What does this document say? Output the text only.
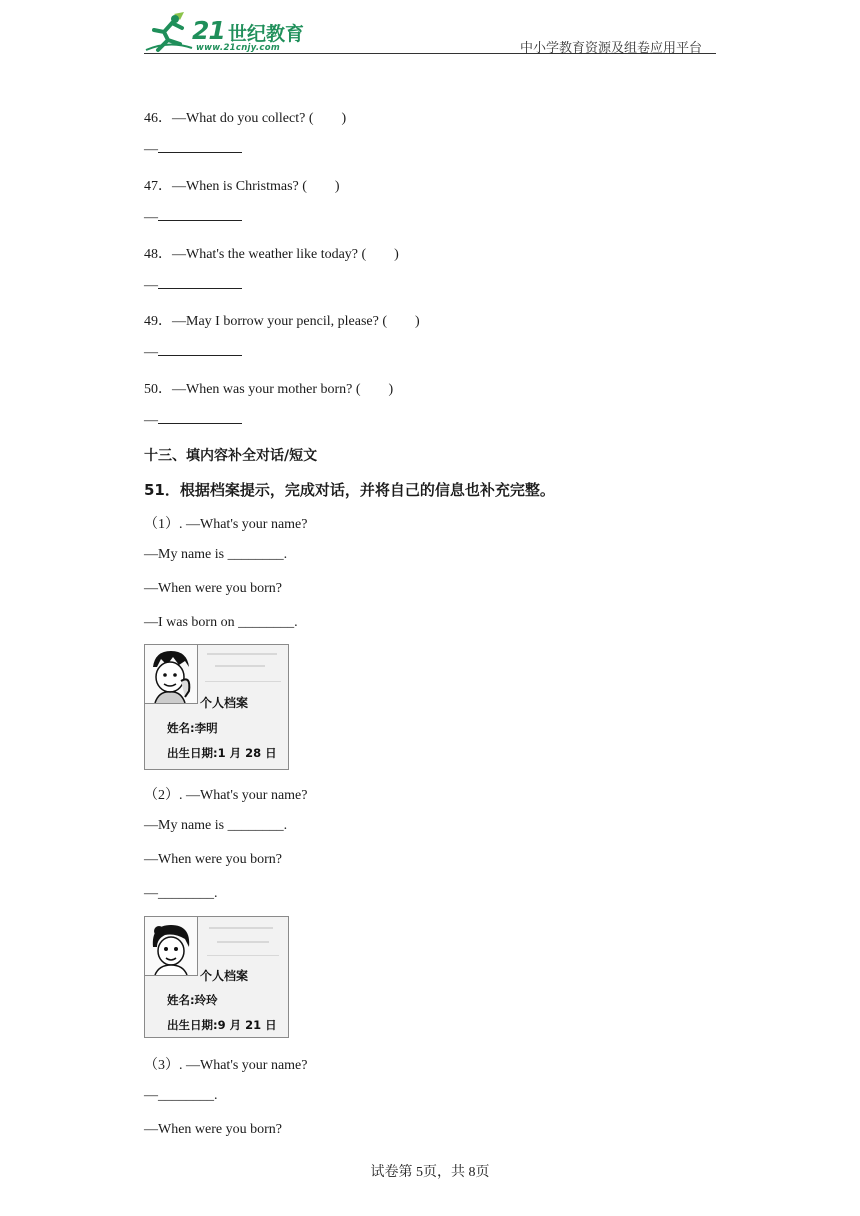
21 世纪教育
www.21cnjy.com	中小学教育资源及组卷应用平台
46．—What do you collect? (　　)
—
47．—When is Christmas? (　　)
—
48．—What's the weather like today? (　　)
—
49．—May I borrow your pencil, please? (　　)
—
50．—When was your mother born? (　　)
—
十三、填内容补全对话/短文
51．根据档案提示，完成对话，并将自己的信息也补充完整。
（1）. —What's your name?
—My name is ________.
—When were you born?
—I was born on ________.
个人档案
姓名:李明
出生日期:1 月 28 日
（2）. —What's your name?
—My name is ________.
—When were you born?
—________.
个人档案
姓名:玲玲
出生日期:9 月 21 日
（3）. —What's your name?
—________.
—When were you born?
试卷第 5页，共 8页
